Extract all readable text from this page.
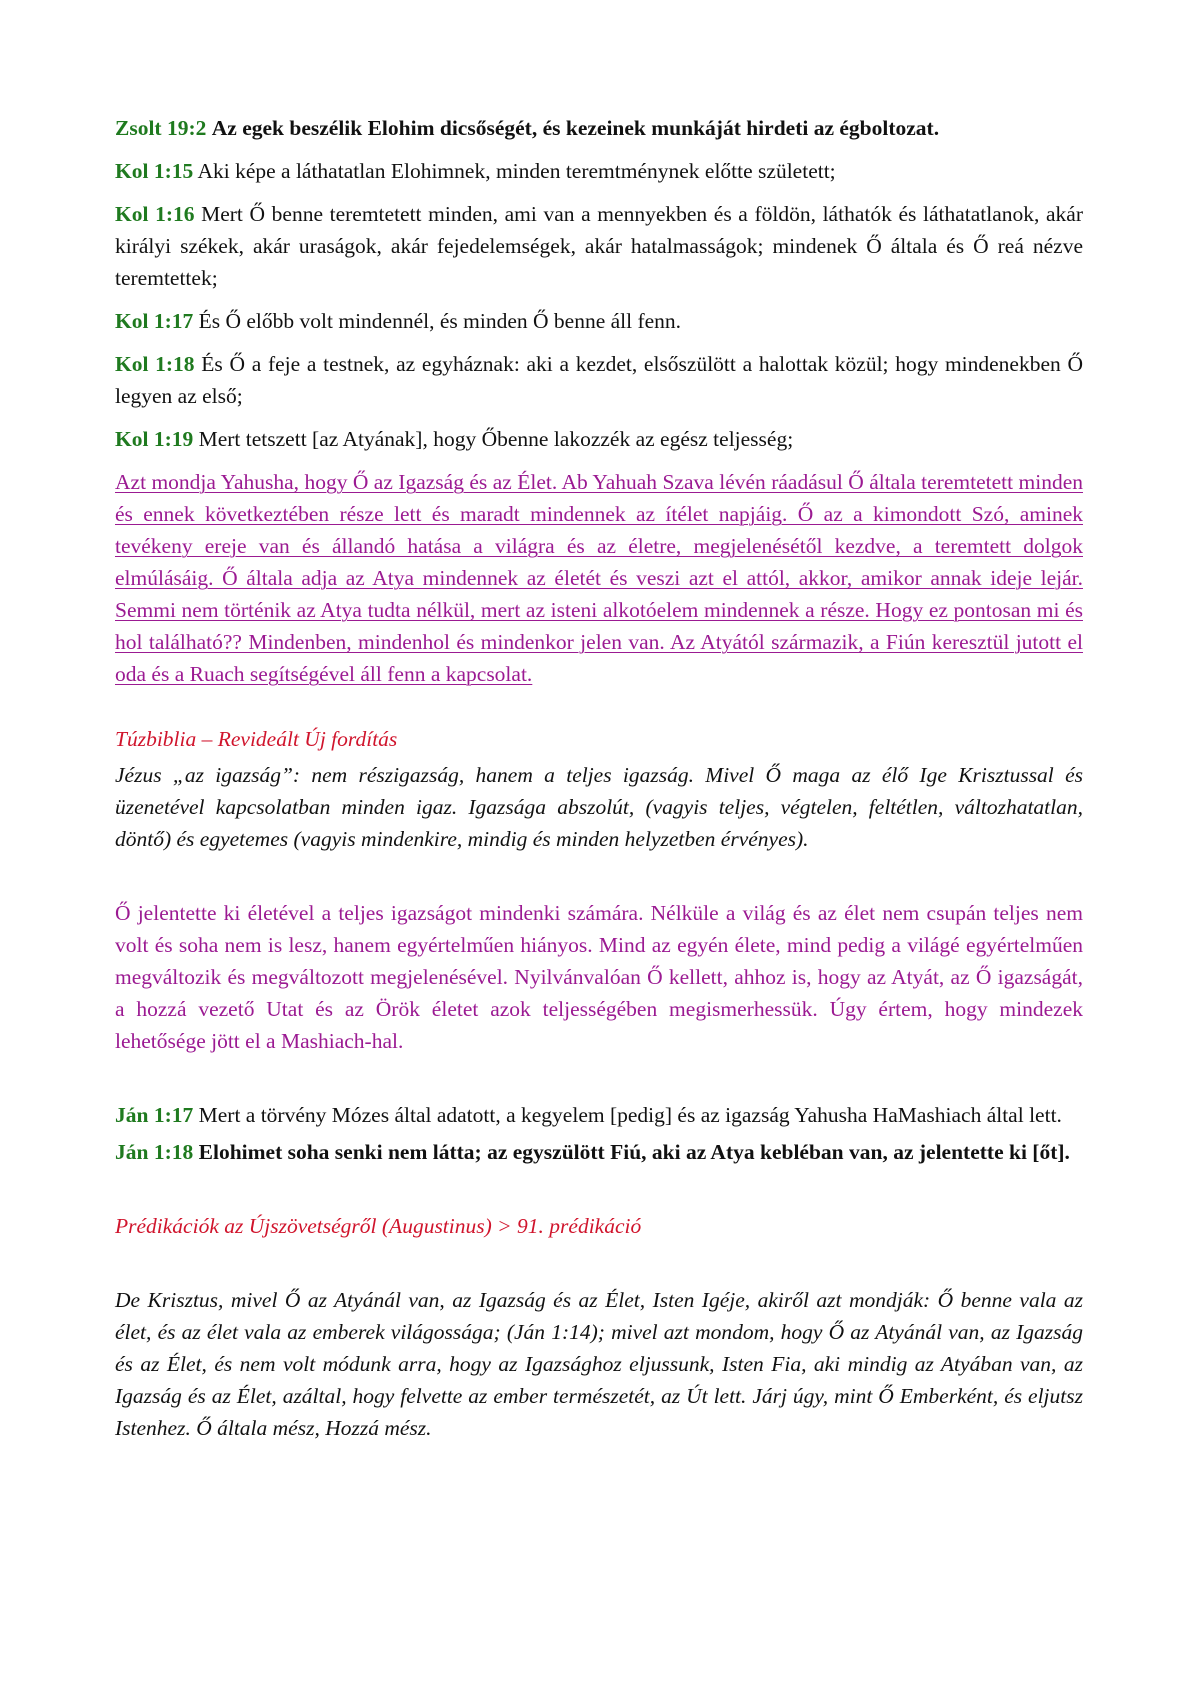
Zsolt 19:2 Az egek beszélik Elohim dicsőségét, és kezeinek munkáját hirdeti az égboltozat.

Kol 1:15 Aki képe a láthatatlan Elohimnek, minden teremtménynek előtte született;

Kol 1:16 Mert Ő benne teremtetett minden, ami van a mennyekben és a földön, láthatók és láthatatlanok, akár királyi székek, akár uraságok, akár fejedelemségek, akár hatalmasságok; mindenek Ő általa és Ő reá nézve teremtettek;

Kol 1:17 És Ő előbb volt mindennél, és minden Ő benne áll fenn.

Kol 1:18 És Ő a feje a testnek, az egyháznak: aki a kezdet, elsőszülött a halottak közül; hogy mindenekben Ő legyen az első;

Kol 1:19 Mert tetszett [az Atyának], hogy Őbenne lakozzék az egész teljesség;

Azt mondja Yahusha, hogy Ő az Igazság és az Élet. Ab Yahuah Szava lévén ráadásul Ő általa teremtetett minden és ennek következtében része lett és maradt mindennek az ítélet napjáig. Ő az a kimondott Szó, aminek tevékeny ereje van és állandó hatása a világra és az életre, megjelenésétől kezdve, a teremtett dolgok elmúlásáig. Ő általa adja az Atya mindennek az életét és veszi azt el attól, akkor, amikor annak ideje lejár. Semmi nem történik az Atya tudta nélkül, mert az isteni alkotóelem mindennek a része. Hogy ez pontosan mi és hol található?? Mindenben, mindenhol és mindenkor jelen van. Az Atyától származik, a Fiún keresztül jutott el oda és a Ruach segítségével áll fenn a kapcsolat.

Túzbiblia – Revideált Új fordítás

Jézus „az igazság”: nem részigazság, hanem a teljes igazság. Mivel Ő maga az élő Ige Krisztussal és üzenetével kapcsolatban minden igaz. Igazsága abszolút, (vagyis teljes, végtelen, feltétlen, változhatatlan, döntő) és egyetemes (vagyis mindenkire, mindig és minden helyzetben érvényes).

Ő jelentette ki életével a teljes igazságot mindenki számára. Nélküle a világ és az élet nem csupán teljes nem volt és soha nem is lesz, hanem egyértelműen hiányos. Mind az egyén élete, mind pedig a világé egyértelműen megváltozik és megváltozott megjelenésével. Nyilvánvalóan Ő kellett, ahhoz is, hogy az Atyát, az Ő igazságát, a hozzá vezető Utat és az Örök életet azok teljességében megismerhessük. Úgy értem, hogy mindezek lehetősége jött el a Mashiach-hal.

Ján 1:17 Mert a törvény Mózes által adatott, a kegyelem [pedig] és az igazság Yahusha HaMashiach által lett.

Ján 1:18 Elohimet soha senki nem látta; az egyszülött Fiú, aki az Atya kebléban van, az jelentette ki [őt].

Prédikációk az Újszövetségről (Augustinus) > 91. prédikáció

De Krisztus, mivel Ő az Atyánál van, az Igazság és az Élet, Isten Igéje, akiről azt mondják: Ő benne vala az élet, és az élet vala az emberek világossága; (Ján 1:14); mivel azt mondom, hogy Ő az Atyánál van, az Igazság és az Élet, és nem volt módunk arra, hogy az Igazsághoz eljussunk, Isten Fia, aki mindig az Atyában van, az Igazság és az Élet, azáltal, hogy felvette az ember természetét, az Út lett. Járj úgy, mint Ő Emberként, és eljutsz Istenhez. Ő általa mész, Hozzá mész.
